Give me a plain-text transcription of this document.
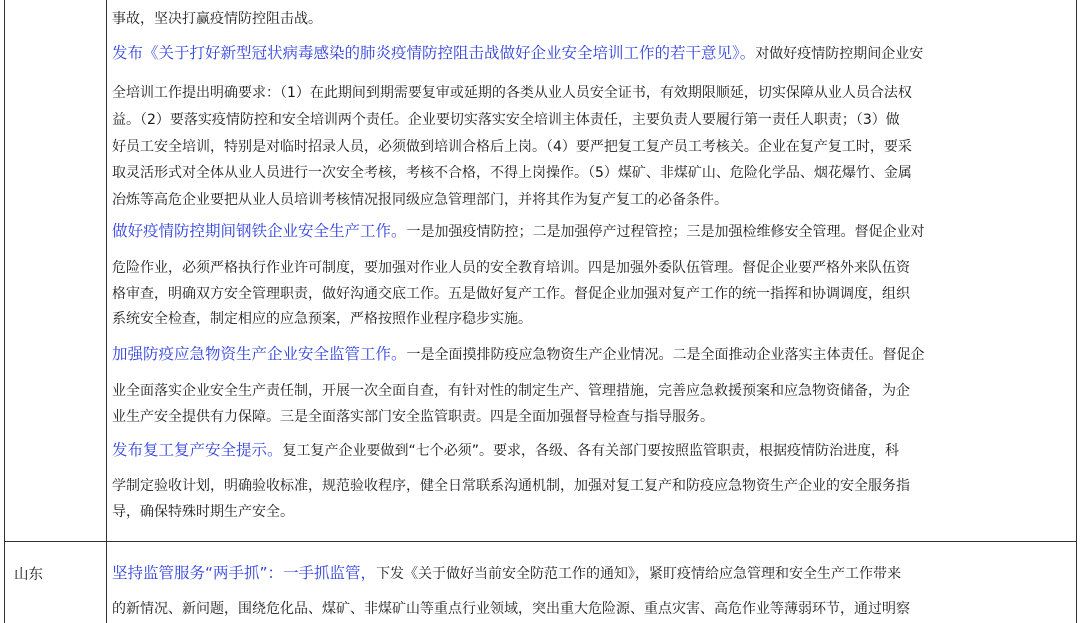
事故，坚决打赢疫情防控阻击战。

发布《关于打好新型冠状病毒感染的肺炎疫情防控阻击战做好企业安全培训工作的若干意见》。对做好疫情防控期间企业安

全培训工作提出明确要求：（1）在此期间到期需要复审或延期的各类从业人员安全证书，有效期限顺延，切实保障从业人员合法权

益。（2）要落实疫情防控和安全培训两个责任。企业要切实落实安全培训主体责任，主要负责人要履行第一责任人职责；（3）做

好员工安全培训，特别是对临时招录人员，必须做到培训合格后上岗。（4）要严把复工复产员工考核关。企业在复产复工时，要采

取灵活形式对全体从业人员进行一次安全考核，考核不合格，不得上岗操作。（5）煤矿、非煤矿山、危险化学品、烟花爆竹、金属

冶炼等高危企业要把从业人员培训考核情况报同级应急管理部门，并将其作为复产复工的必备条件。

做好疫情防控期间钢铁企业安全生产工作。一是加强疫情防控；二是加强停产过程管控；三是加强检维修安全管理。督促企业对

危险作业，必须严格执行作业许可制度，要加强对作业人员的安全教育培训。四是加强外委队伍管理。督促企业要严格外来队伍资

格审查，明确双方安全管理职责，做好沟通交底工作。五是做好复产工作。督促企业加强对复产工作的统一指挥和协调调度，组织

系统安全检查，制定相应的应急预案，严格按照作业程序稳步实施。

加强防疫应急物资生产企业安全监管工作。一是全面摸排防疫应急物资生产企业情况。二是全面推动企业落实主体责任。督促企

业全面落实企业安全生产责任制，开展一次全面自查，有针对性的制定生产、管理措施，完善应急救援预案和应急物资储备，为企

业生产安全提供有力保障。三是全面落实部门安全监管职责。四是全面加强督导检查与指导服务。

发布复工复产安全提示。复工复产企业要做到“七个必须”。要求，各级、各有关部门要按照监管职责，根据疫情防治进度，科

学制定验收计划，明确验收标准，规范验收程序，健全日常联系沟通机制，加强对复工复产和防疫应急物资生产企业的安全服务指

导，确保特殊时期生产安全。

山东	坚持监管服务“两手抓”：一手抓监管，下发《关于做好当前安全防范工作的通知》，紧盯疫情给应急管理和安全生产工作带来

的新情况、新问题，围绕危化品、煤矿、非煤矿山等重点行业领域，突出重大危险源、重点灾害、高危作业等薄弱环节，通过明察
